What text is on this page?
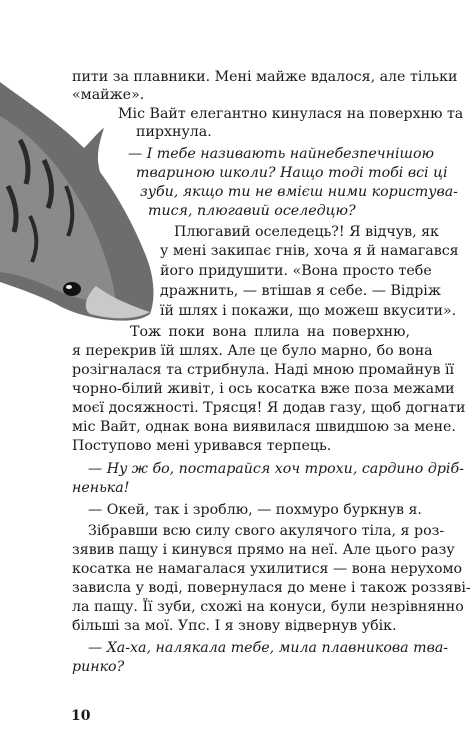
пити за плавники. Мені майже вдалося, але тільки
«майже».
Міс Вайт елегантно кинулася на поверхню та
пирхнула.
— І тебе називають найнебезпечнішою
твариною школи? Нащо тоді тобі всі ці
зуби, якщо ти не вмієш ними користува-
тися, плюгавий оселедцю?
Плюгавий оселедець?! Я відчув, як
у мені закипає гнів, хоча я й намагався
його придушити. «Вона просто тебе
дражнить, — втішав я себе. — Відріж
їй шлях і покажи, що можеш вкусити».
Тож поки вона плила на поверхню,
я перекрив їй шлях. Але це було марно, бо вона
розігналася та стрибнула. Наді мною промайнув її
чорно-білий живіт, і ось косатка вже поза межами
моєї досяжності. Трясця! Я додав газу, щоб догнати
міс Вайт, однак вона виявилася швидшою за мене.
Поступово мені уривався терпець.
— Ну ж бо, постарайся хоч трохи, сардино дріб-
ненька!
— Окей, так і зроблю, — похмуро буркнув я.
Зібравши всю силу свого акулячого тіла, я роз-
зявив пащу і кинувся прямо на неї. Але цього разу
косатка не намагалася ухилитися — вона нерухомо
зависла у воді, повернулася до мене і також роззяві-
ла пащу. Її зуби, схожі на конуси, були незрівнянно
більші за мої. Упс. І я знову відвернув убік.
— Ха-ха, налякала тебе, мила плавникова тва-
ринко?
10
